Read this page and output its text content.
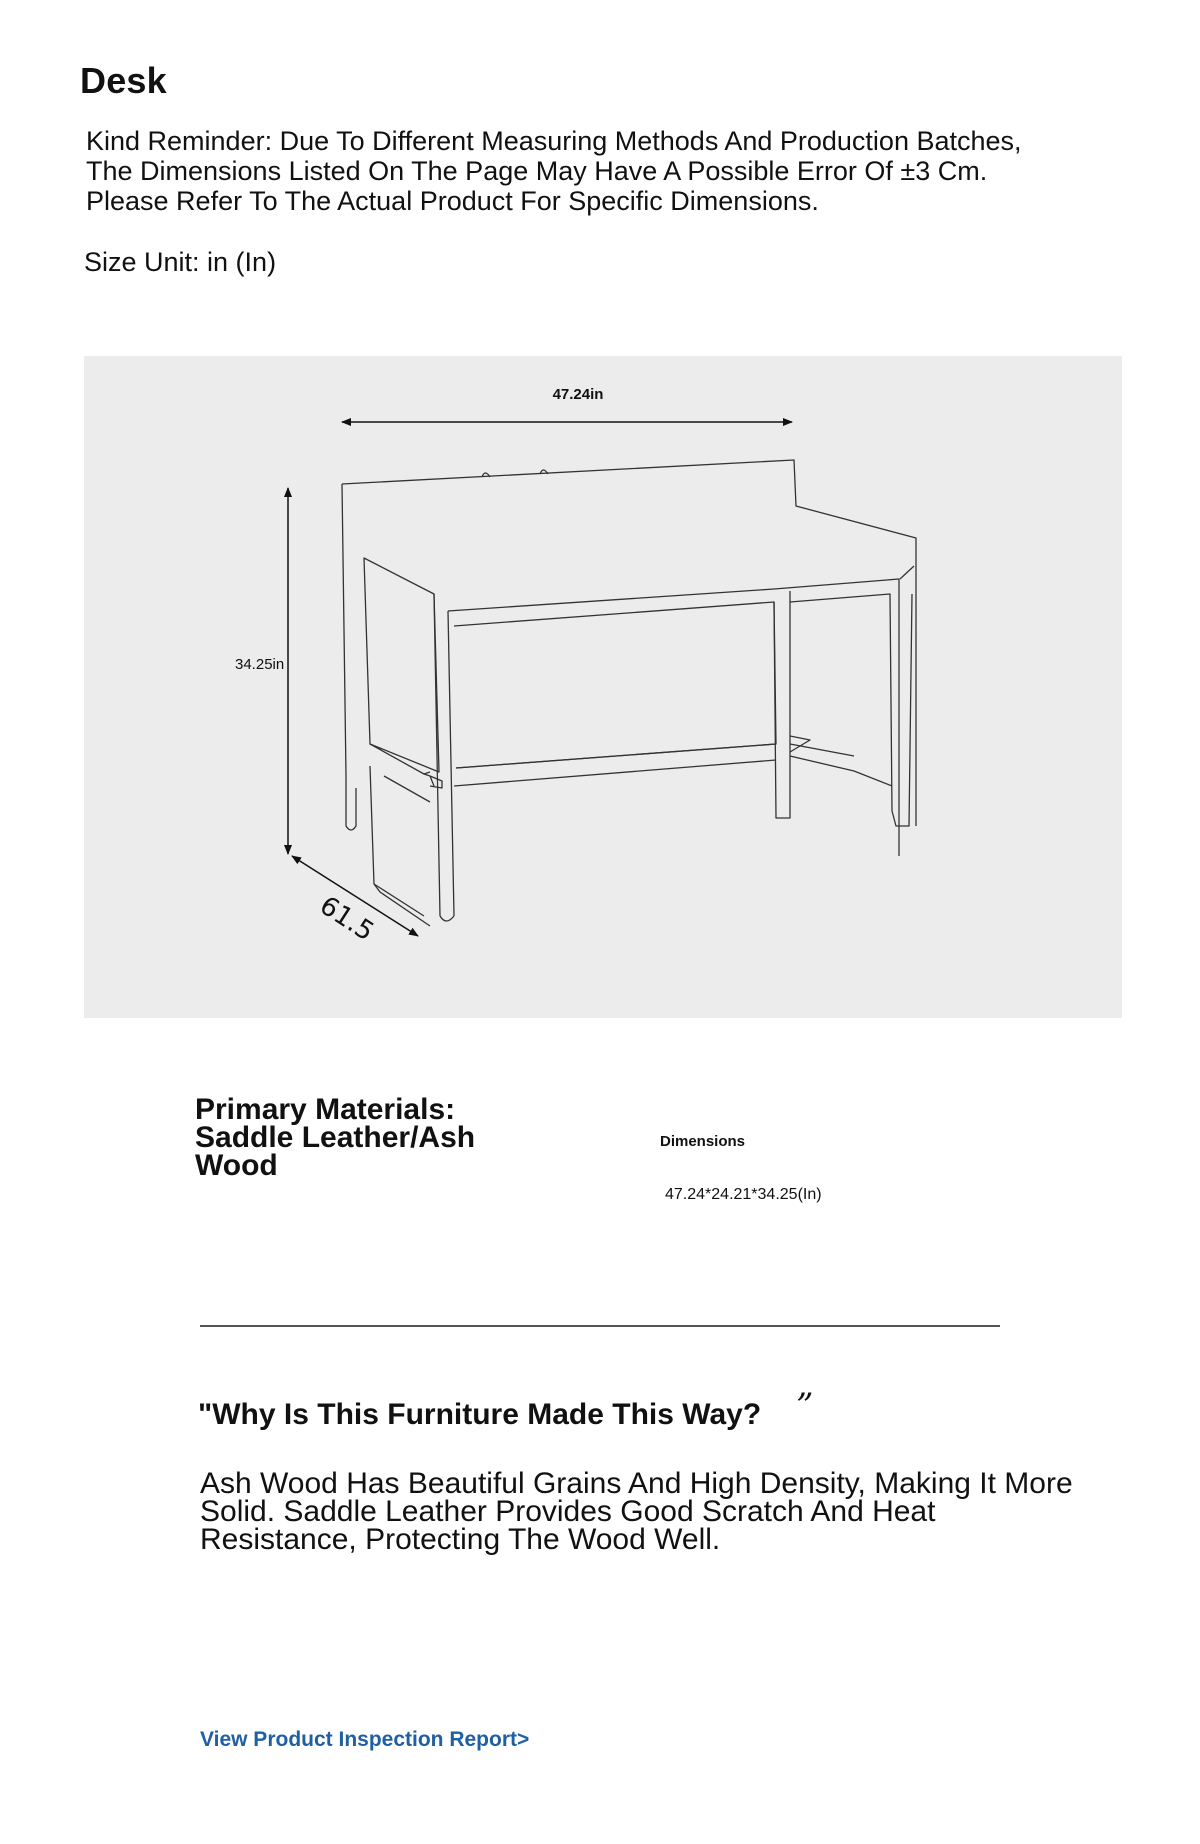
Desk

Kind Reminder: Due To Different Measuring Methods And Production Batches, The Dimensions Listed On The Page May Have A Possible Error Of ±3 Cm. Please Refer To The Actual Product For Specific Dimensions.

Size Unit: in (In)

47.24in
34.25in
61.5

Primary Materials: Saddle Leather/Ash Wood

Dimensions

47.24*24.21*34.25(In)

"Why Is This Furniture Made This Way? ”

Ash Wood Has Beautiful Grains And High Density, Making It More Solid. Saddle Leather Provides Good Scratch And Heat Resistance, Protecting The Wood Well.

View Product Inspection Report>
